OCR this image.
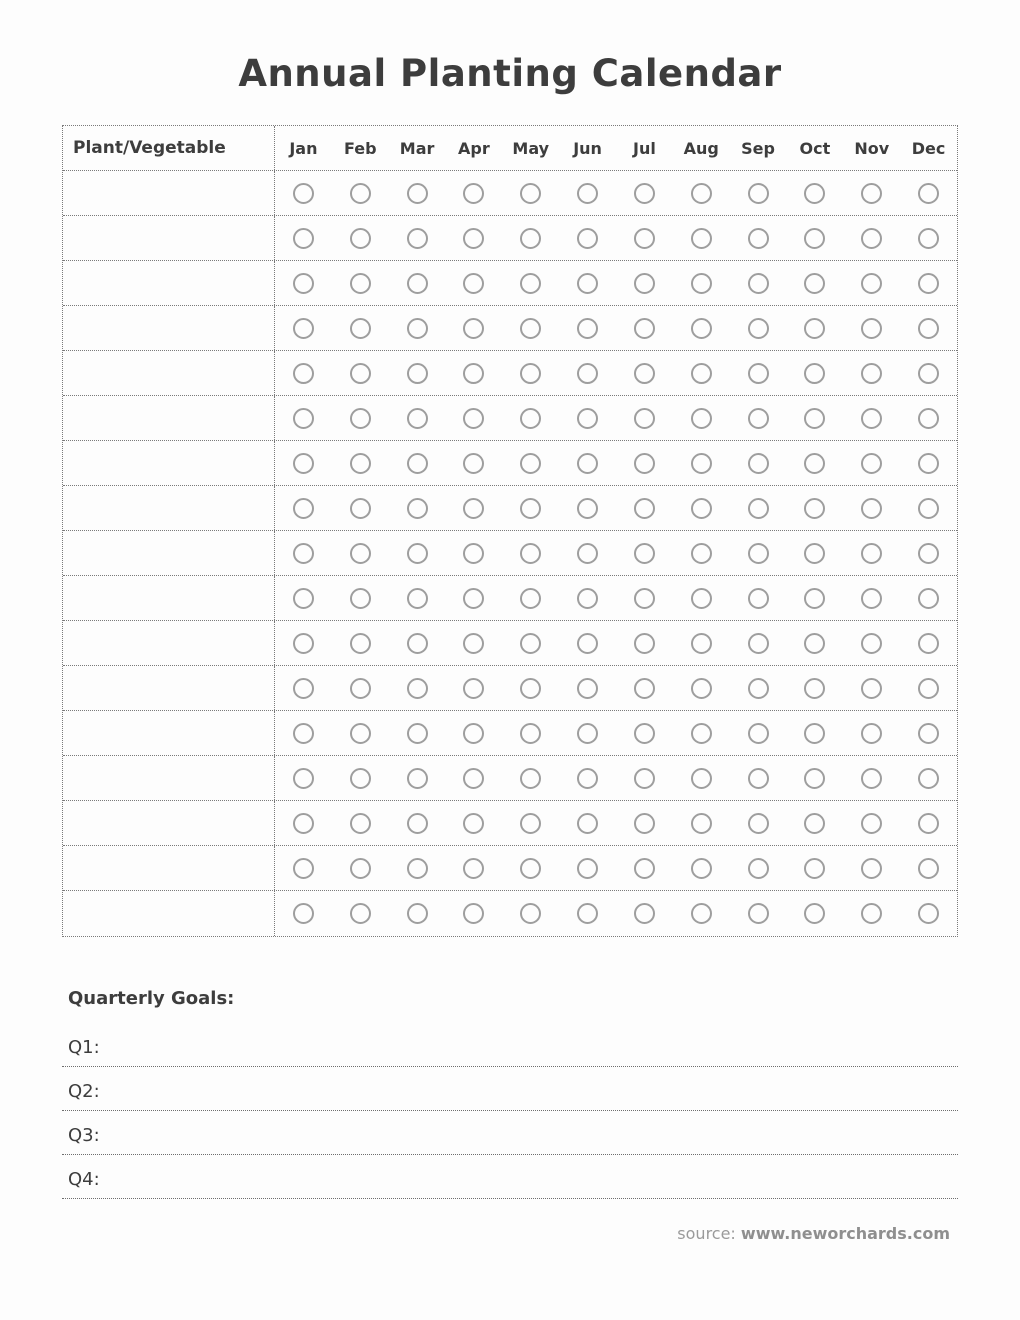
Annual Planting Calendar
Plant/Vegetable	Jan	Feb	Mar	Apr	May	Jun	Jul	Aug	Sep	Oct	Nov	Dec
Quarterly Goals:
Q1:
Q2:
Q3:
Q4:
source: www.neworchards.com
